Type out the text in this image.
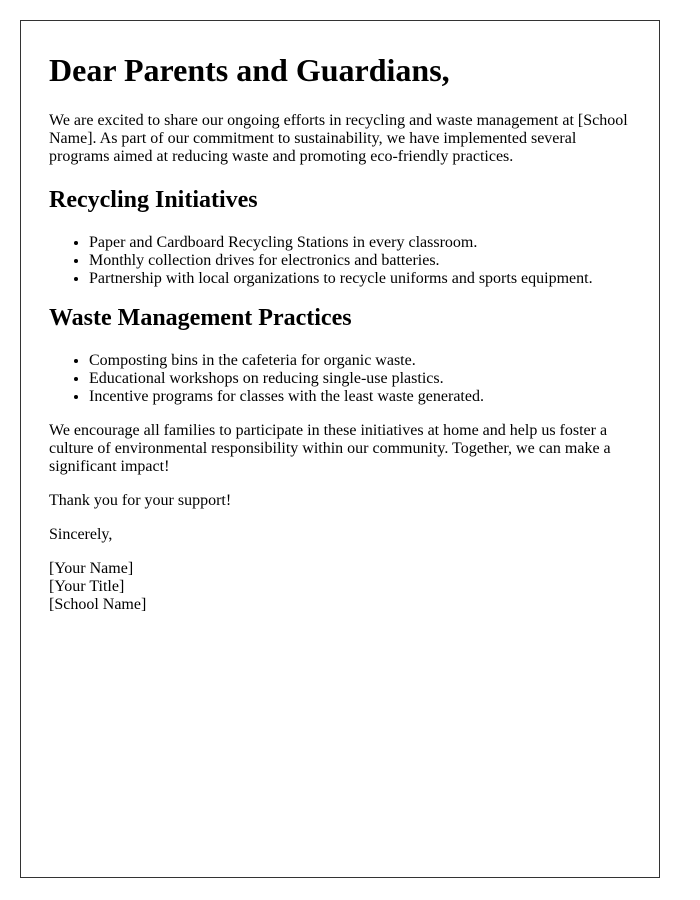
Dear Parents and Guardians,

We are excited to share our ongoing efforts in recycling and waste management at [School Name]. As part of our commitment to sustainability, we have implemented several programs aimed at reducing waste and promoting eco-friendly practices.

Recycling Initiatives
• Paper and Cardboard Recycling Stations in every classroom.
• Monthly collection drives for electronics and batteries.
• Partnership with local organizations to recycle uniforms and sports equipment.
Waste Management Practices
• Composting bins in the cafeteria for organic waste.
• Educational workshops on reducing single-use plastics.
• Incentive programs for classes with the least waste generated.

We encourage all families to participate in these initiatives at home and help us foster a culture of environmental responsibility within our community. Together, we can make a significant impact!

Thank you for your support!

Sincerely,

[Your Name]

[Your Title]

[School Name]
